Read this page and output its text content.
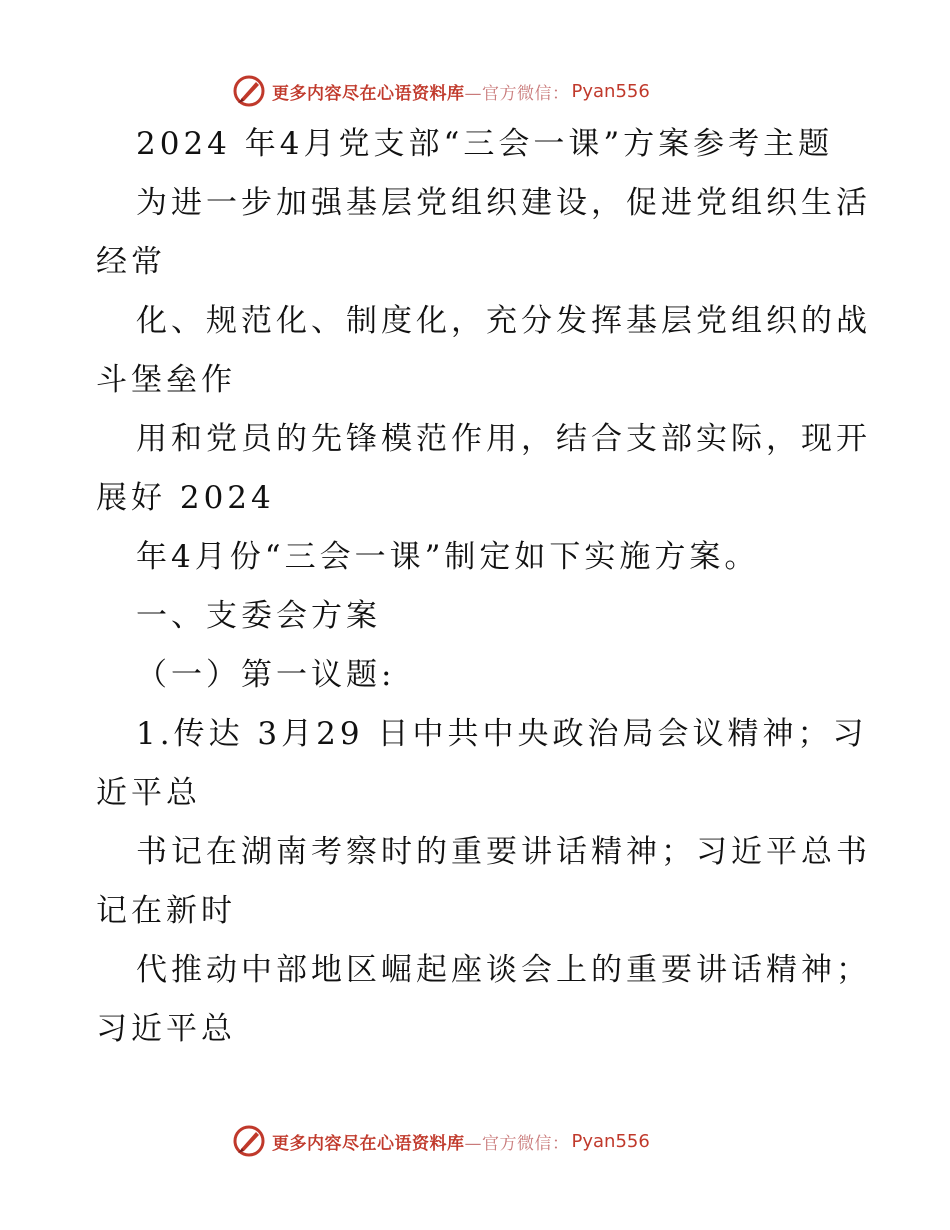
更多内容尽在心语资料库 —官方微信： Pyan556
2024 年4月党支部“三会一课”方案参考主题
为进一步加强基层党组织建设，促进党组织生活
经常
化、规范化、制度化，充分发挥基层党组织的战
斗堡垒作
用和党员的先锋模范作用，结合支部实际，现开
展好 2024
年4月份“三会一课”制定如下实施方案。
一、支委会方案
（一）第一议题:
1.传达 3月29 日中共中央政治局会议精神；习
近平总
书记在湖南考察时的重要讲话精神；习近平总书
记在新时
代推动中部地区崛起座谈会上的重要讲话精神；
习近平总
更多内容尽在心语资料库 —官方微信： Pyan556
